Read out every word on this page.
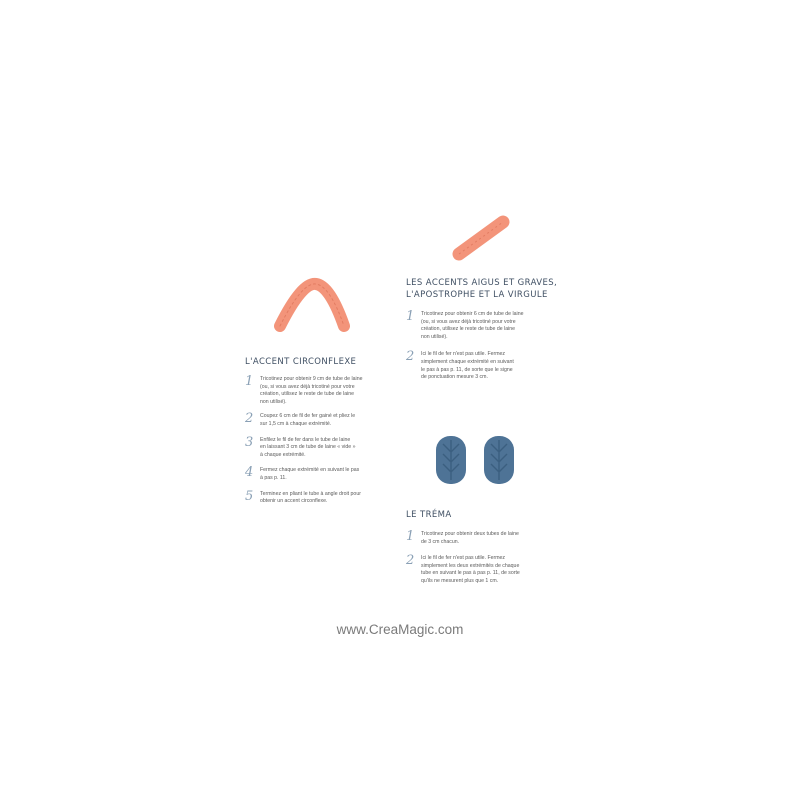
L'ACCENT CIRCONFLEXE
1 Tricotinez pour obtenir 9 cm de tube de laine
(ou, si vous avez déjà tricotiné pour votre
création, utilisez le reste de tube de laine
non utilisé).
2 Coupez 6 cm de fil de fer gainé et pliez le
sur 1,5 cm à chaque extrémité.
3 Enfilez le fil de fer dans le tube de laine
en laissant 3 cm de tube de laine « vide »
à chaque extrémité.
4 Fermez chaque extrémité en suivant le pas
à pas p. 11.
5 Terminez en pliant le tube à angle droit pour
obtenir un accent circonflexe.
LES ACCENTS AIGUS ET GRAVES,
L'APOSTROPHE ET LA VIRGULE
1 Tricotinez pour obtenir 6 cm de tube de laine
(ou, si vous avez déjà tricotiné pour votre
création, utilisez le reste de tube de laine
non utilisé).
2 Ici le fil de fer n'est pas utile. Fermez
simplement chaque extrémité en suivant
le pas à pas p. 11, de sorte que le signe
de ponctuation mesure 3 cm.
LE TRÉMA
1 Tricotinez pour obtenir deux tubes de laine
de 3 cm chacun.
2 Ici le fil de fer n'est pas utile. Fermez
simplement les deux extrémités de chaque
tube en suivant le pas à pas p. 11, de sorte
qu'ils ne mesurent plus que 1 cm.
www.CreaMagic.com
